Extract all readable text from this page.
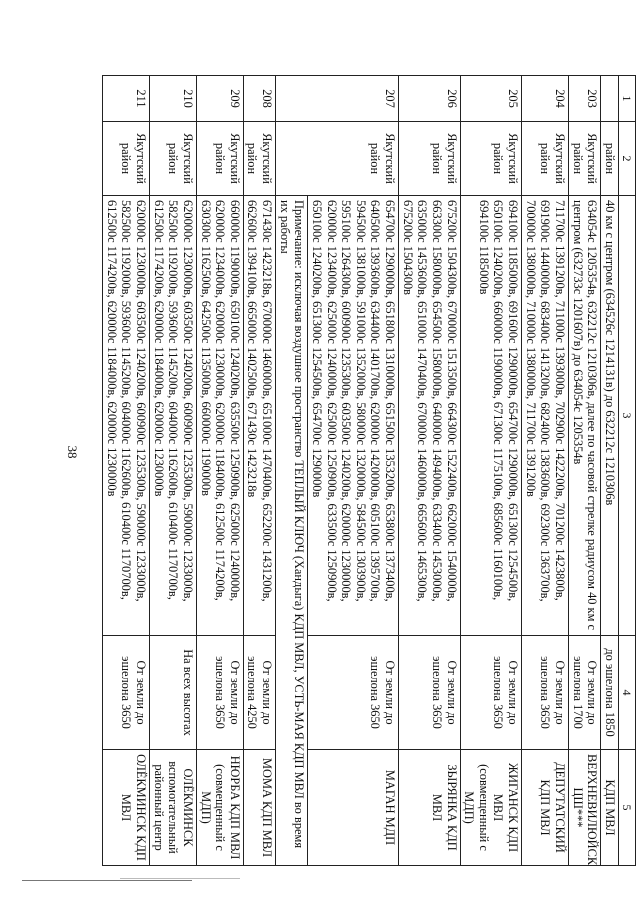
38
1	2	3	4	5
	район	40 км с центром (634526с 1214131в) до 632212с 1210306в	до эшелона 1850	КДП МВЛ
203	Якутский район	634054с 1205354в, 632212с 1210306в, далее по часовой стрелке радиусом 40 км с центром (632733с 1201607в) до 634054с 1205354в	От земли до эшелона 1700	ВЕРХНЕВИЛЮЙСК ЦШ***
204	Якутский район	711700с 1391200в, 711000с 1393000в, 702900с 1422200в, 701200с 1423800в, 691900с 1440000в, 683400с 1413200в, 682400с 1383600в, 692300с 1363700в, 700000с 1380000в, 710000с 1380000в, 711700с 1391200в	От земли до эшелона 3650	ДЕПУТАТСКИЙ КДП МВЛ
205	Якутский район	694100с 1185000в, 691600с 1290000в, 654700с 1290000в, 651300с 1254500в, 650100с 1240200в, 660000с 1190000в, 671300с 1175100в, 685600с 1160100в, 694100с 1185000в	От земли до эшелона 3650	ЖИГАНСК КДП МВЛ (совмещенный с МДП)
206	Якутский район	675200с 1504300в, 670000с 1513500в, 664300с 1522400в, 662000с 1540000в, 663300с 1580000в, 654500с 1580000в, 640000с 1494000в, 633400с 1453000в, 635000с 1453600в, 651000с 1470400в, 670000с 1460000в, 665600с 1465300в, 675200с 1504300в	От земли до эшелона 3650	ЗЫРЯНКА КДП МВЛ
207	Якутский район	654700с 1290000в, 651800с 1310000в, 651500с 1353200в, 653800с 1373400в, 640500с 1393600в, 634400с 1401700в, 620000с 1420000в, 605100с 1395700в, 594500с 1381000в, 591000с 1352000в, 580000с 1320000в, 584500с 1303900в, 595100с 1264300в, 600900с 1235300в, 603500с 1240200в, 620000с 1230000в, 620000с 1234000в, 625000с 1240000в, 625000с 1250900в, 633500с 1250900в, 650100с 1240200в, 651300с 1254500в, 654700с 1290000в	От земли до эшелона 3650	МАГАН МДП
		Примечание: исключая воздушное пространство ТЕПЛЫЙ КЛЮЧ (Хандыга) КДП МВЛ, УСТЬ-МАЯ КДП МВЛ во время их работы		
208	Якутский район	671430с 1423218в, 670000с 1460000в, 651000с 1470400в, 652200с 1431200в, 662600с 1394100в, 665000с 1402500в, 671430с 1423218в	От земли до эшелона 4250	МОМА КДП МВЛ
209	Якутский район	660000с 1190000в, 650100с 1240200в, 635500с 1250900в, 625000с 1240000в, 620000с 1234000в, 620000с 1230000в, 620000с 1184000в, 612500с 1174200в, 630300с 1162500в, 642500с 1135000в, 660000с 1190000в	От земли до эшелона 3650	НЮРБА КДП МВЛ (совмещенный с МДП)
210	Якутский район	620000с 1230000в, 603500с 1240200в, 600900с 1235300в, 590000с 1233000в, 582500с 1192000в, 593600с 1145200в, 604000с 1162600в, 610400с 1170700в, 612500с 1174200в, 620000с 1184000в, 620000с 1230000в	На всех высотах	ОЛЁКМИНСК вспомогательный районный центр
211	Якутский район	620000с 1230000в, 603500с 1240200в, 600900с 1235300в, 590000с 1233000в, 582500с 1192000в, 593600с 1145200в, 604000с 1162600в, 610400с 1170700в, 612500с 1174200в, 620000с 1184000в, 620000с 1230000в	От земли до эшелона 3650	ОЛЁКМИНСК КДП МВЛ
